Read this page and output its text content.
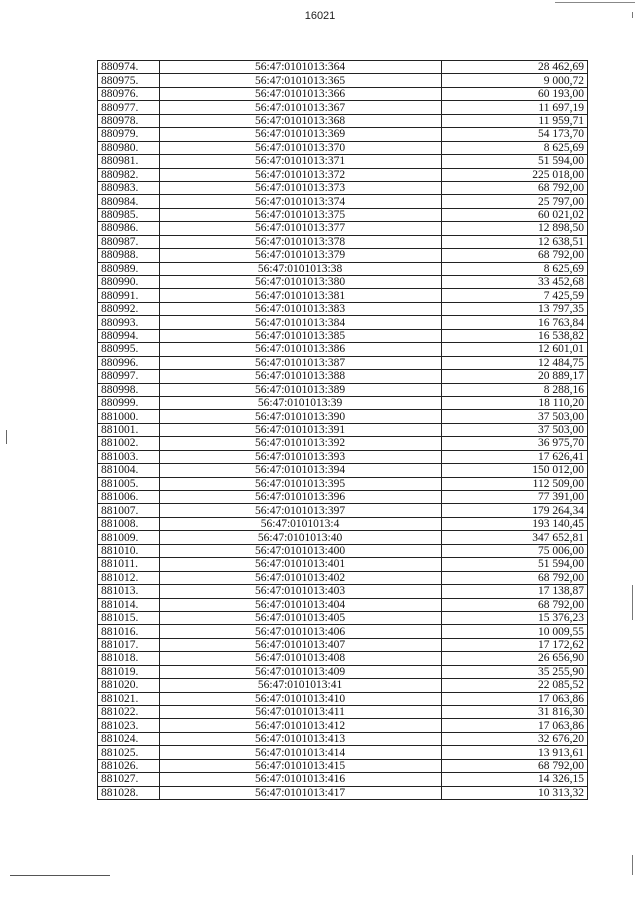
16021
880974.	56:47:0101013:364	28 462,69
880975.	56:47:0101013:365	9 000,72
880976.	56:47:0101013:366	60 193,00
880977.	56:47:0101013:367	11 697,19
880978.	56:47:0101013:368	11 959,71
880979.	56:47:0101013:369	54 173,70
880980.	56:47:0101013:370	8 625,69
880981.	56:47:0101013:371	51 594,00
880982.	56:47:0101013:372	225 018,00
880983.	56:47:0101013:373	68 792,00
880984.	56:47:0101013:374	25 797,00
880985.	56:47:0101013:375	60 021,02
880986.	56:47:0101013:377	12 898,50
880987.	56:47:0101013:378	12 638,51
880988.	56:47:0101013:379	68 792,00
880989.	56:47:0101013:38	8 625,69
880990.	56:47:0101013:380	33 452,68
880991.	56:47:0101013:381	7 425,59
880992.	56:47:0101013:383	13 797,35
880993.	56:47:0101013:384	16 763,84
880994.	56:47:0101013:385	16 538,82
880995.	56:47:0101013:386	12 601,01
880996.	56:47:0101013:387	12 484,75
880997.	56:47:0101013:388	20 889,17
880998.	56:47:0101013:389	8 288,16
880999.	56:47:0101013:39	18 110,20
881000.	56:47:0101013:390	37 503,00
881001.	56:47:0101013:391	37 503,00
881002.	56:47:0101013:392	36 975,70
881003.	56:47:0101013:393	17 626,41
881004.	56:47:0101013:394	150 012,00
881005.	56:47:0101013:395	112 509,00
881006.	56:47:0101013:396	77 391,00
881007.	56:47:0101013:397	179 264,34
881008.	56:47:0101013:4	193 140,45
881009.	56:47:0101013:40	347 652,81
881010.	56:47:0101013:400	75 006,00
881011.	56:47:0101013:401	51 594,00
881012.	56:47:0101013:402	68 792,00
881013.	56:47:0101013:403	17 138,87
881014.	56:47:0101013:404	68 792,00
881015.	56:47:0101013:405	15 376,23
881016.	56:47:0101013:406	10 009,55
881017.	56:47:0101013:407	17 172,62
881018.	56:47:0101013:408	26 656,90
881019.	56:47:0101013:409	35 255,90
881020.	56:47:0101013:41	22 085,52
881021.	56:47:0101013:410	17 063,86
881022.	56:47:0101013:411	31 816,30
881023.	56:47:0101013:412	17 063,86
881024.	56:47:0101013:413	32 676,20
881025.	56:47:0101013:414	13 913,61
881026.	56:47:0101013:415	68 792,00
881027.	56:47:0101013:416	14 326,15
881028.	56:47:0101013:417	10 313,32
